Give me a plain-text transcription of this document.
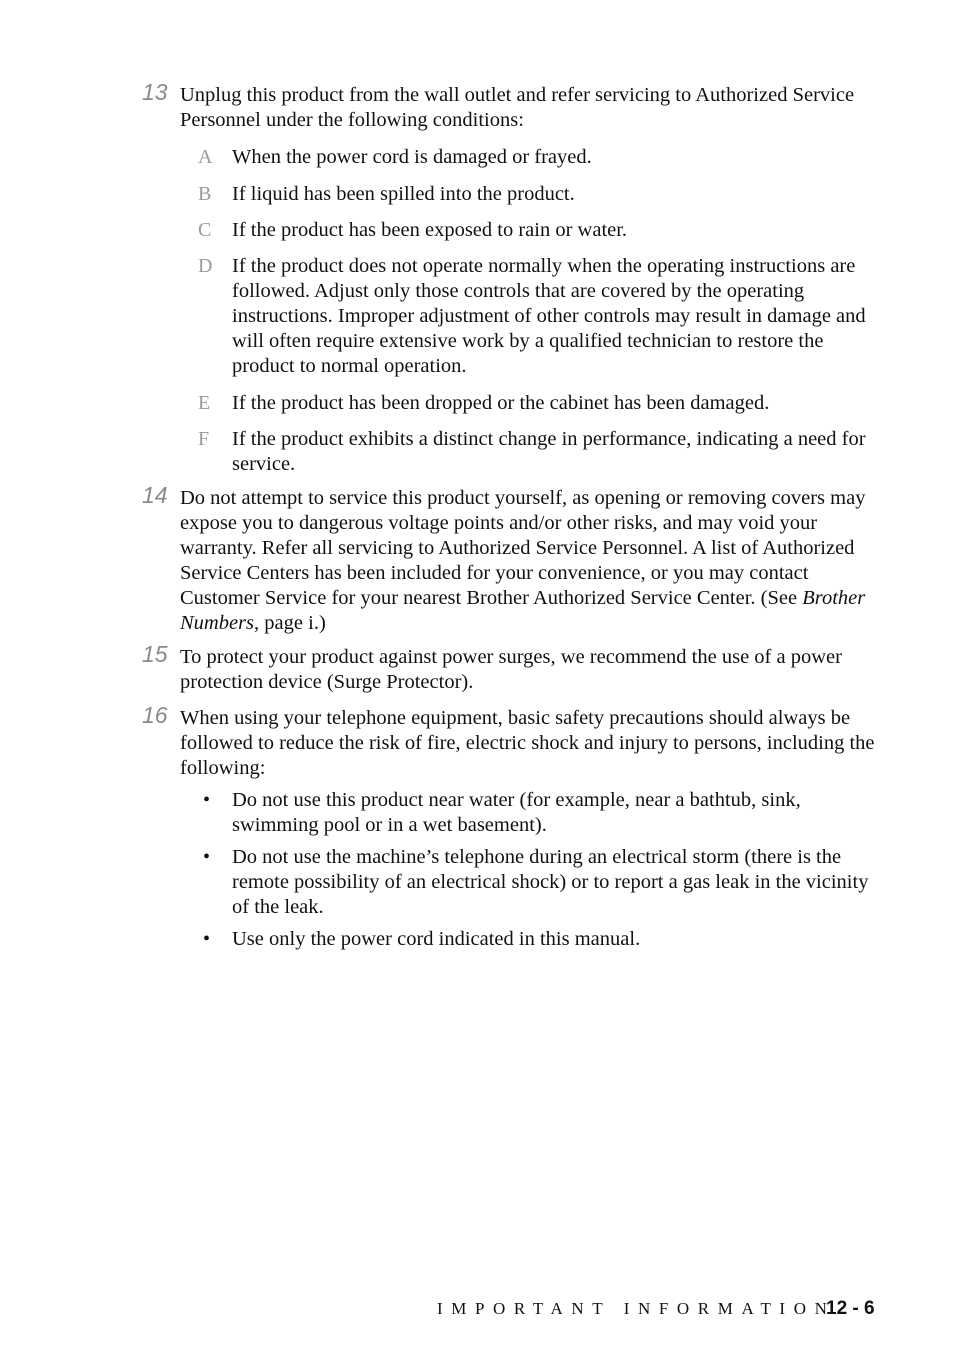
13 Unplug this product from the wall outlet and refer servicing to Authorized Service Personnel under the following conditions:
A When the power cord is damaged or frayed.
B If liquid has been spilled into the product.
C If the product has been exposed to rain or water.
D If the product does not operate normally when the operating instructions are followed. Adjust only those controls that are covered by the operating instructions. Improper adjustment of other controls may result in damage and will often require extensive work by a qualified technician to restore the product to normal operation.
E If the product has been dropped or the cabinet has been damaged.
F If the product exhibits a distinct change in performance, indicating a need for service.
14 Do not attempt to service this product yourself, as opening or removing covers may expose you to dangerous voltage points and/or other risks, and may void your warranty. Refer all servicing to Authorized Service Personnel. A list of Authorized Service Centers has been included for your convenience, or you may contact Customer Service for your nearest Brother Authorized Service Center. (See Brother Numbers, page i.)
15 To protect your product against power surges, we recommend the use of a power protection device (Surge Protector).
16 When using your telephone equipment, basic safety precautions should always be followed to reduce the risk of fire, electric shock and injury to persons, including the following:
• Do not use this product near water (for example, near a bathtub, sink, swimming pool or in a wet basement).
• Do not use the machine’s telephone during an electrical storm (there is the remote possibility of an electrical shock) or to report a gas leak in the vicinity of the leak.
• Use only the power cord indicated in this manual.
IMPORTANT INFORMATION
12 - 6
